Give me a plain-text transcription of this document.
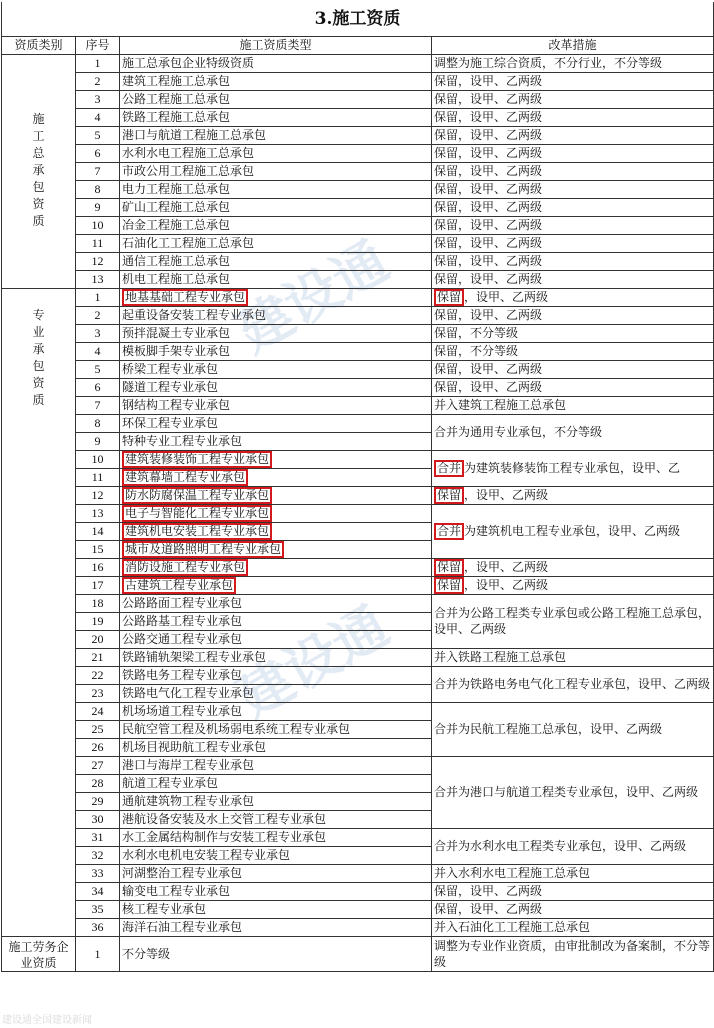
建设通
建设通
3.施工资质			
资质类别	序号	施工资质类型	改革措施

施工总承包资质	1	施工总承包企业特级资质	调整为施工综合资质，不分行业，不分等级
	2	建筑工程施工总承包	保留，设甲、乙两级
	3	公路工程施工总承包	保留，设甲、乙两级
	4	铁路工程施工总承包	保留，设甲、乙两级
	5	港口与航道工程施工总承包	保留，设甲、乙两级
	6	水利水电工程施工总承包	保留，设甲、乙两级
	7	市政公用工程施工总承包	保留，设甲、乙两级
	8	电力工程施工总承包	保留，设甲、乙两级
	9	矿山工程施工总承包	保留，设甲、乙两级
	10	冶金工程施工总承包	保留，设甲、乙两级
	11	石油化工工程施工总承包	保留，设甲、乙两级
	12	通信工程施工总承包	保留，设甲、乙两级
	13	机电工程施工总承包	保留，设甲、乙两级

专业承包资质	1	地基基础工程专业承包	保留 ，设甲、乙两级
	2	起重设备安装工程专业承包	保留，设甲、乙两级
	3	预拌混凝土专业承包	保留，不分等级
	4	模板脚手架专业承包	保留，不分等级
	5	桥梁工程专业承包	保留，设甲、乙两级
	6	隧道工程专业承包	保留，设甲、乙两级
	7	钢结构工程专业承包	并入建筑工程施工总承包
	8	环保工程专业承包	合并为通用专业承包，不分等级
	9	特种专业工程专业承包	
	10	建筑装修装饰工程专业承包	合并 为建筑装修装饰工程专业承包，设甲、乙
	11	建筑幕墙工程专业承包	
	12	防水防腐保温工程专业承包	保留 ，设甲、乙两级
	13	电子与智能化工程专业承包	合并 为建筑机电工程专业承包，设甲、乙两级
	14	建筑机电安装工程专业承包	
	15	城市及道路照明工程专业承包	
	16	消防设施工程专业承包	保留 ，设甲、乙两级
	17	古建筑工程专业承包	保留 ，设甲、乙两级
	18	公路路面工程专业承包	合并为公路工程类专业承包或公路工程施工总承包，设甲、乙两级
	19	公路路基工程专业承包	
	20	公路交通工程专业承包	
	21	铁路铺轨架梁工程专业承包	并入铁路工程施工总承包
	22	铁路电务工程专业承包	合并为铁路电务电气化工程专业承包，设甲、乙两级
	23	铁路电气化工程专业承包	
	24	机场场道工程专业承包	合并为民航工程施工总承包，设甲、乙两级
	25	民航空管工程及机场弱电系统工程专业承包	
	26	机场目视助航工程专业承包	
	27	港口与海岸工程专业承包	合并为港口与航道工程类专业承包，设甲、乙两级
	28	航道工程专业承包	
	29	通航建筑物工程专业承包	
	30	港航设备安装及水上交管工程专业承包	
	31	水工金属结构制作与安装工程专业承包	合并为水利水电工程类专业承包，设甲、乙两级
	32	水利水电机电安装工程专业承包	
	33	河湖整治工程专业承包	并入水利水电工程施工总承包
	34	输变电工程专业承包	保留，设甲、乙两级
	35	核工程专业承包	保留，设甲、乙两级
	36	海洋石油工程专业承包	并入石油化工工程施工总承包
施工劳务企业资质	1	不分等级	调整为专业作业资质，由审批制改为备案制，不分等级
建设通全国建设新闻
